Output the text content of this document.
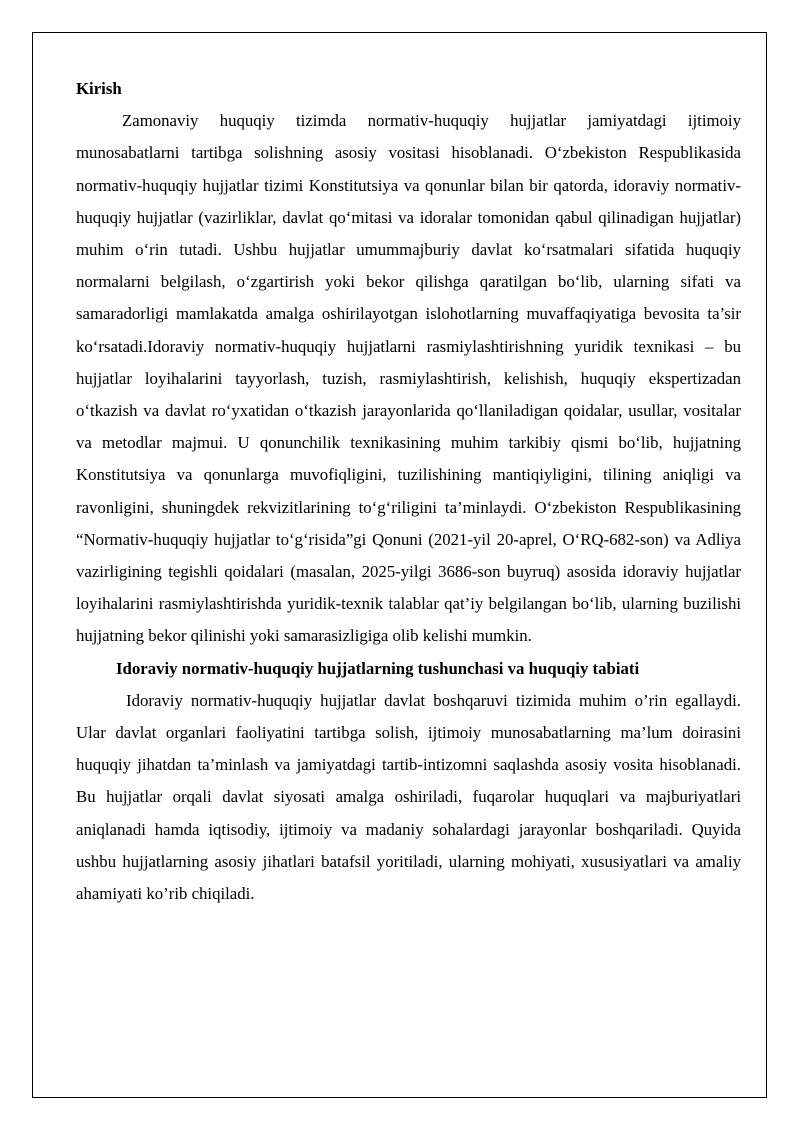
Kirish

Zamonaviy huquqiy tizimda normativ-huquqiy hujjatlar jamiyatdagi ijtimoiy munosabatlarni tartibga solishning asosiy vositasi hisoblanadi. O‘zbekiston Respublikasida normativ-huquqiy hujjatlar tizimi Konstitutsiya va qonunlar bilan bir qatorda, idoraviy normativ-huquqiy hujjatlar (vazirliklar, davlat qo‘mitasi va idoralar tomonidan qabul qilinadigan hujjatlar) muhim o‘rin tutadi. Ushbu hujjatlar umummajburiy davlat ko‘rsatmalari sifatida huquqiy normalarni belgilash, o‘zgartirish yoki bekor qilishga qaratilgan bo‘lib, ularning sifati va samaradorligi mamlakatda amalga oshirilayotgan islohotlarning muvaffaqiyatiga bevosita ta’sir ko‘rsatadi.Idoraviy normativ-huquqiy hujjatlarni rasmiylashtirishning yuridik texnikasi – bu hujjatlar loyihalarini tayyorlash, tuzish, rasmiylashtirish, kelishish, huquqiy ekspertizadan o‘tkazish va davlat ro‘yxatidan o‘tkazish jarayonlarida qo‘llaniladigan qoidalar, usullar, vositalar va metodlar majmui. U qonunchilik texnikasining muhim tarkibiy qismi bo‘lib, hujjatning Konstitutsiya va qonunlarga muvofiqligini, tuzilishining mantiqiyligini, tilining aniqligi va ravonligini, shuningdek rekvizitlarining to‘g‘riligini ta’minlaydi. O‘zbekiston Respublikasining “Normativ-huquqiy hujjatlar to‘g‘risida”gi Qonuni (2021-yil 20-aprel, O‘RQ-682-son) va Adliya vazirligining tegishli qoidalari (masalan, 2025-yilgi 3686-son buyruq) asosida idoraviy hujjatlar loyihalarini rasmiylashtirishda yuridik-texnik talablar qat’iy belgilangan bo‘lib, ularning buzilishi hujjatning bekor qilinishi yoki samarasizligiga olib kelishi mumkin.

Idoraviy normativ-huquqiy hujjatlarning tushunchasi va huquqiy tabiati

Idoraviy normativ-huquqiy hujjatlar davlat boshqaruvi tizimida muhim o’rin egallaydi. Ular davlat organlari faoliyatini tartibga solish, ijtimoiy munosabatlarning ma’lum doirasini huquqiy jihatdan ta’minlash va jamiyatdagi tartib-intizomni saqlashda asosiy vosita hisoblanadi. Bu hujjatlar orqali davlat siyosati amalga oshiriladi, fuqarolar huquqlari va majburiyatlari aniqlanadi hamda iqtisodiy, ijtimoiy va madaniy sohalardagi jarayonlar boshqariladi. Quyida ushbu hujjatlarning asosiy jihatlari batafsil yoritiladi, ularning mohiyati, xususiyatlari va amaliy ahamiyati ko’rib chiqiladi.
